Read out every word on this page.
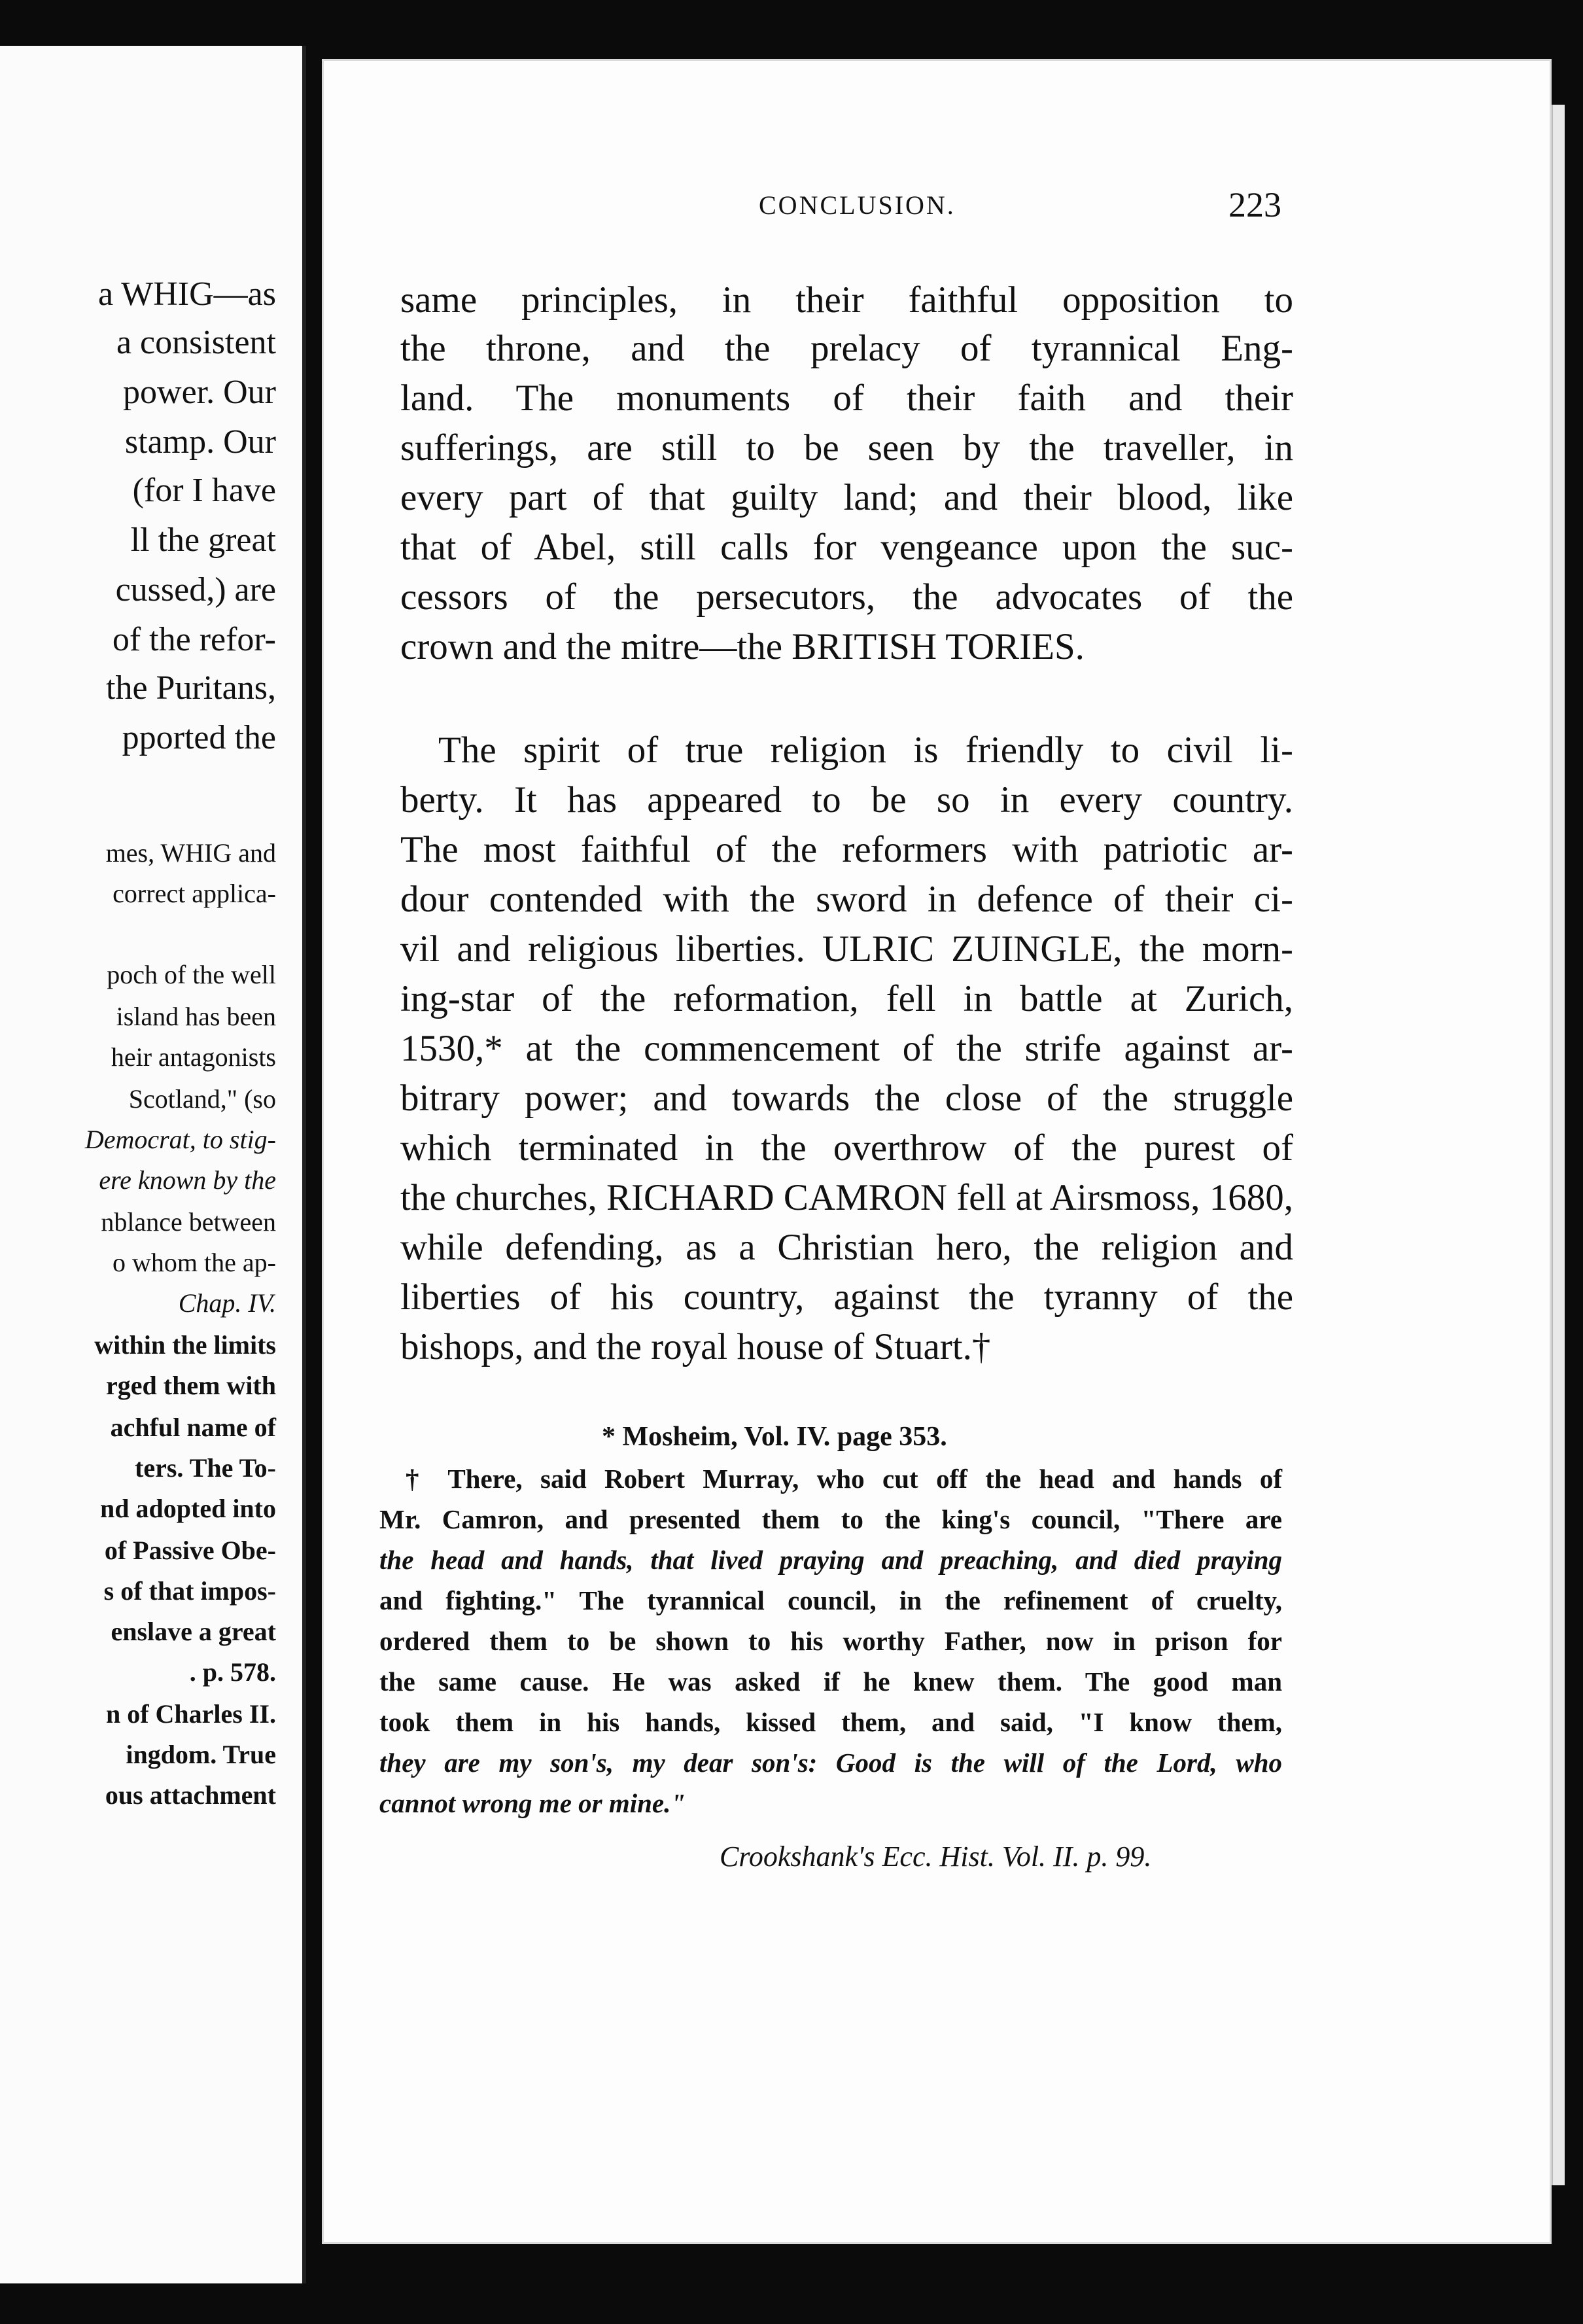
a WHIG—as
a consistent
power. Our
stamp. Our
(for I have
ll the great
cussed,) are
of the refor-
the Puritans,
pported the
mes, WHIG and
correct applica-
poch of the well
island has been
heir antagonists
Scotland," (so
Democrat, to stig-
ere known by the
nblance between
o whom the ap-
Chap. IV.
within the limits
rged them with
achful name of
ters. The To-
nd adopted into
of Passive Obe-
s of that impos-
enslave a great
. p. 578.
n of Charles II.
ingdom. True
ous attachment
CONCLUSION.	223
same principles, in their faithful opposition to
the throne, and the prelacy of tyrannical Eng-
land. The monuments of their faith and their
sufferings, are still to be seen by the traveller, in
every part of that guilty land; and their blood, like
that of Abel, still calls for vengeance upon the suc-
cessors of the persecutors, the advocates of the
crown and the mitre—the BRITISH TORIES.
The spirit of true religion is friendly to civil li-
berty. It has appeared to be so in every country.
The most faithful of the reformers with patriotic ar-
dour contended with the sword in defence of their ci-
vil and religious liberties. ULRIC ZUINGLE, the morn-
ing-star of the reformation, fell in battle at Zurich,
1530,* at the commencement of the strife against ar-
bitrary power; and towards the close of the struggle
which terminated in the overthrow of the purest of
the churches, RICHARD CAMRON fell at Airsmoss, 1680,
while defending, as a Christian hero, the religion and
liberties of his country, against the tyranny of the
bishops, and the royal house of Stuart.†
* Mosheim, Vol. IV. page 353.
† There, said Robert Murray, who cut off the head and hands of
Mr. Camron, and presented them to the king's council, "There are
the head and hands, that lived praying and preaching, and died praying
and fighting." The tyrannical council, in the refinement of cruelty,
ordered them to be shown to his worthy Father, now in prison for
the same cause. He was asked if he knew them. The good man
took them in his hands, kissed them, and said, "I know them,
they are my son's, my dear son's: Good is the will of the Lord, who
cannot wrong me or mine."
Crookshank's Ecc. Hist. Vol. II. p. 99.
